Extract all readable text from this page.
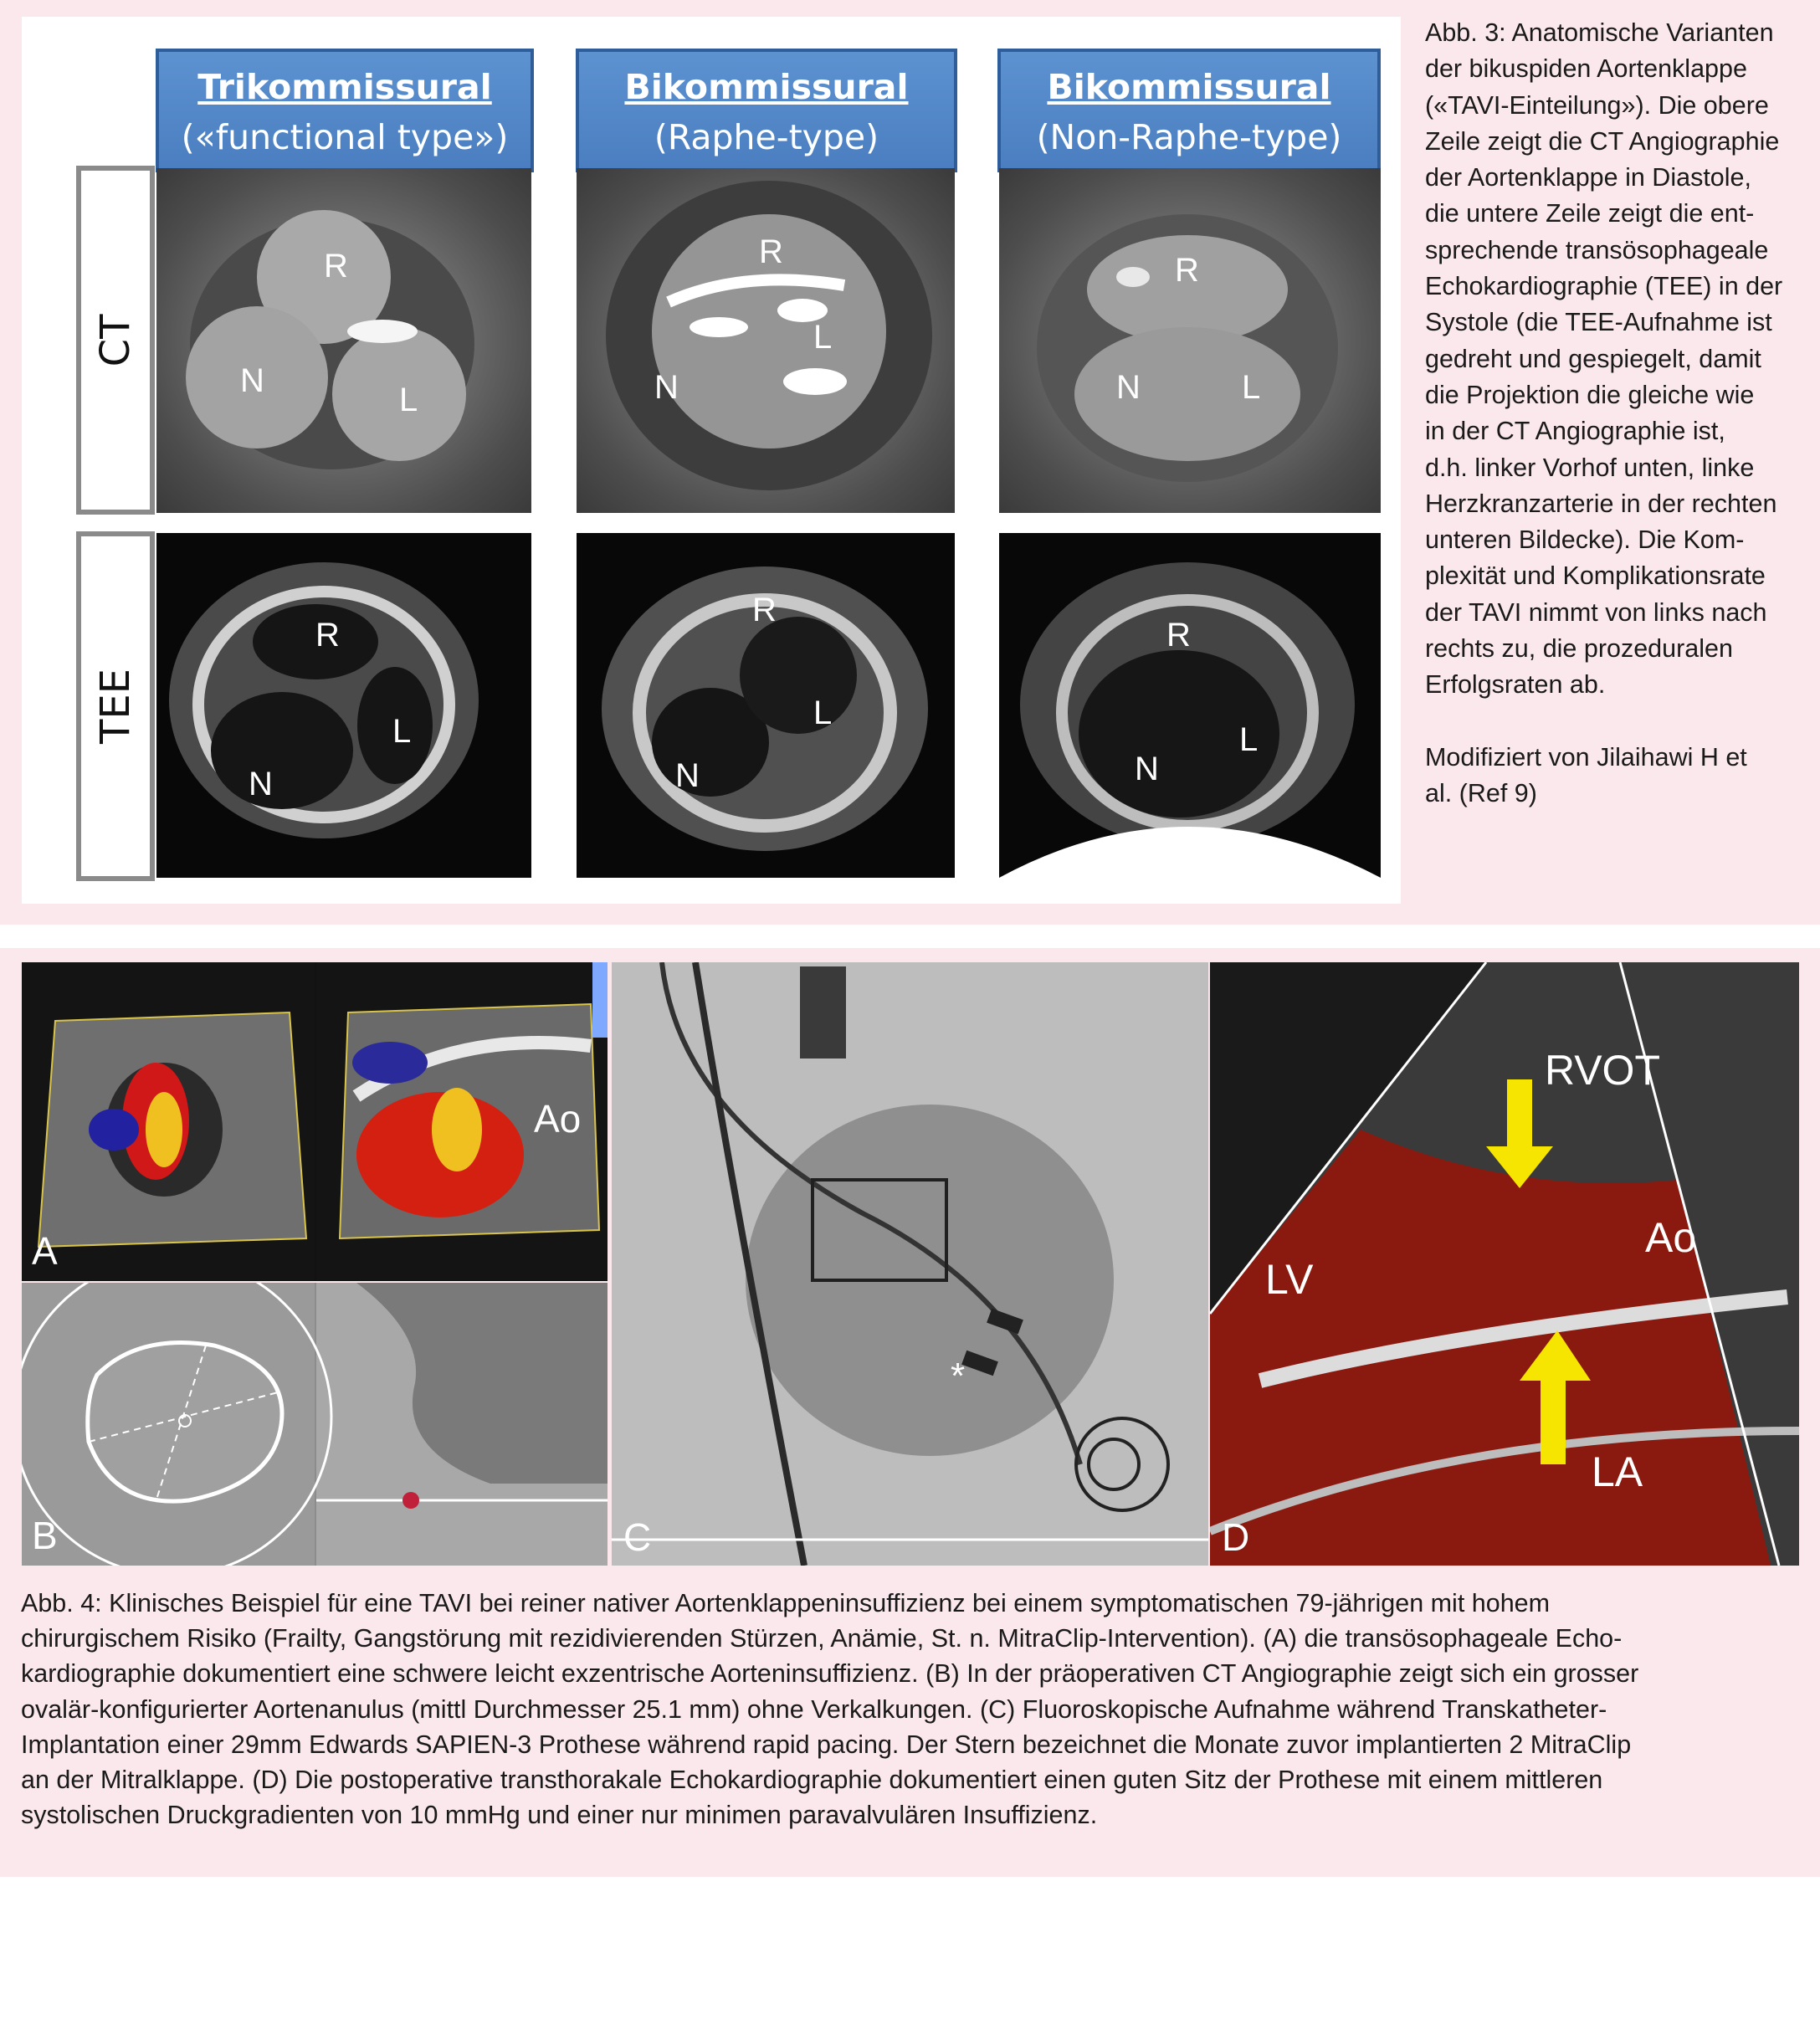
Trikommissural
(«functional type»)
Bikommissural
(Raphe-type)
Bikommissural
(Non-Raphe-type)
CT
TEE
R
N
L
R
N
L
R
N	L
R
N
L
R
N
L
R
N
L

Abb. 3: Anatomische Varianten

der bikuspiden Aortenklappe

(«TAVI-Einteilung»). Die obere

Zeile zeigt die CT Angiographie

der Aortenklappe in Diastole,

die untere Zeile zeigt die ent-

sprechende transösophageale

Echokardiographie (TEE) in der

Systole (die TEE-Aufnahme ist

gedreht und gespiegelt, damit

die Projektion die gleiche wie

in der CT Angiographie ist,

d.h. linker Vorhof unten, linke

Herzkranzarterie in der rechten

unteren Bildecke). Die Kom-

plexität und Komplikationsrate

der TAVI nimmt von links nach

rechts zu, die prozeduralen

Erfolgsraten ab.

Modifiziert von Jilaihawi H et

al. (Ref 9)

A
Ao
B	C
*
D
RVOT
Ao
LV
LA
Abb. 4: Klinisches Beispiel für eine TAVI bei reiner nativer Aortenklappeninsuffizienz bei einem symptomatischen 79-jährigen mit hohem
chirurgischem Risiko (Frailty, Gangstörung mit rezidivierenden Stürzen, Anämie, St. n. MitraClip-Intervention). (A) die transösophageale Echo-
kardiographie dokumentiert eine schwere leicht exzentrische Aorteninsuffizienz. (B) In der präoperativen CT Angiographie zeigt sich ein grosser
ovalär-konfigurierter Aortenanulus (mittl Durchmesser 25.1 mm) ohne Verkalkungen. (C) Fluoroskopische Aufnahme während Transkatheter-
Implantation einer 29mm Edwards SAPIEN-3 Prothese während rapid pacing. Der Stern bezeichnet die Monate zuvor implantierten 2 MitraClip
an der Mitralklappe. (D) Die postoperative transthorakale Echokardiographie dokumentiert einen guten Sitz der Prothese mit einem mittleren
systolischen Druckgradienten von 10 mmHg und einer nur minimen paravalvulären Insuffizienz.
